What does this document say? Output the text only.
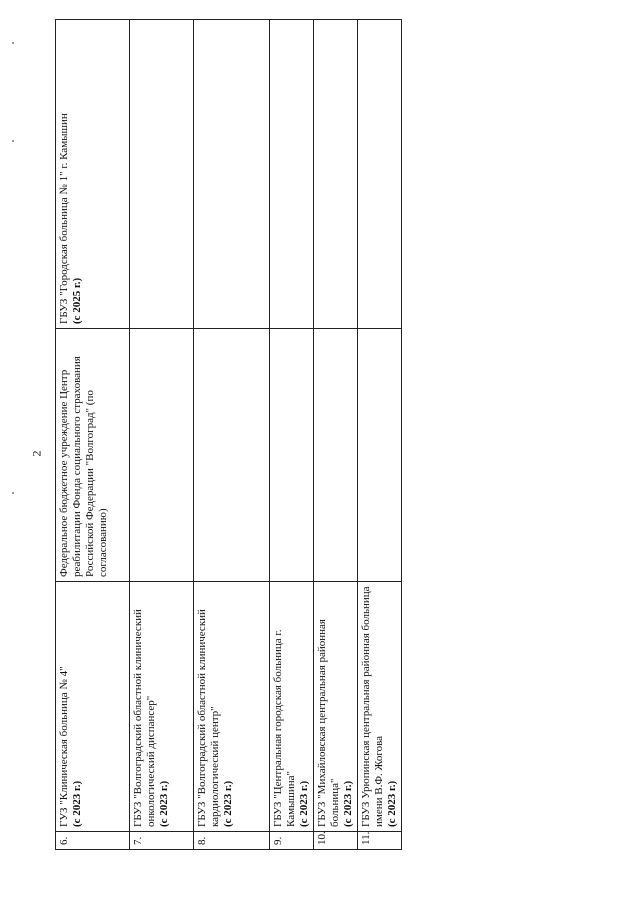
2
6.	ГУЗ "Клиническая больница № 4" (с 2023 г.)	Федеральное бюджетное учреждение Центр реабилитации Фонда социального страхования Российской Федерации "Волгоград" (по согласованию)	ГБУЗ "Городская больница № 1" г. Камышин (с 2025 г.)

7.	ГБУЗ "Волгоградский областной клинический онкологический диспансер" (с 2023 г.)		

8.	ГБУЗ "Волгоградский областной клинический кардиологический центр" (с 2023 г.)		

9.	ГБУЗ "Центральная городская больница г. Камышина" (с 2023 г.)		

10.	ГБУЗ "Михайловская центральная районная больница" (с 2023 г.)		

11.	ГБУЗ Урюпинская центральная районная больница имени В.Ф. Жогова (с 2023 г.)		
